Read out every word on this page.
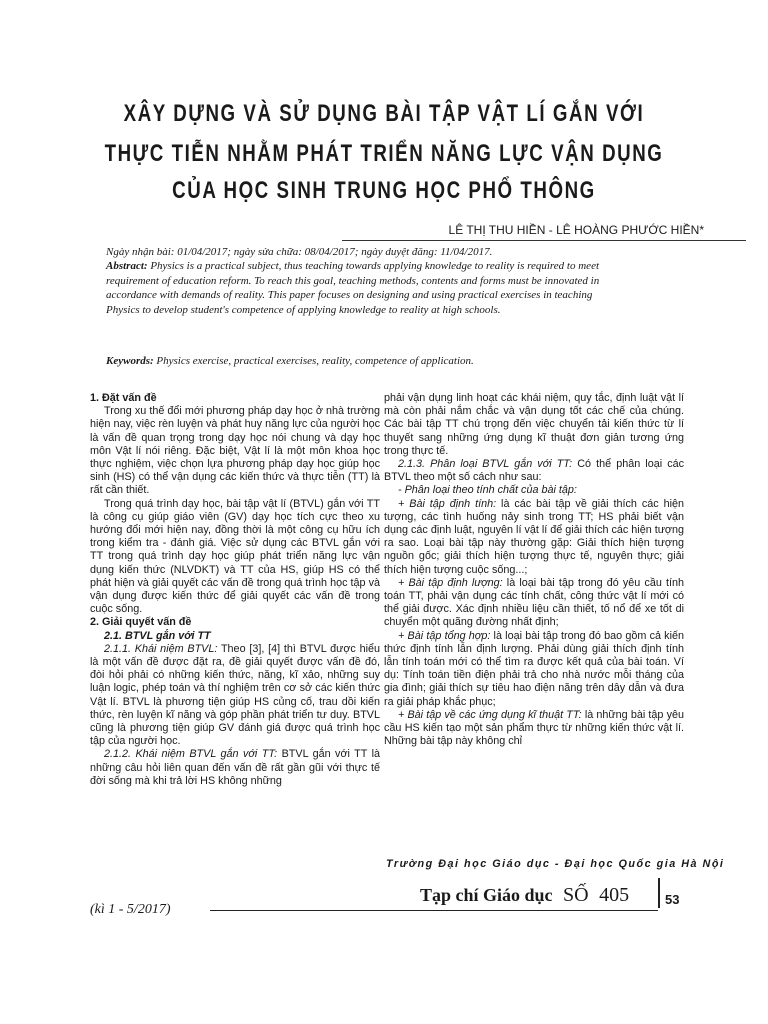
XÂY DỰNG VÀ SỬ DỤNG BÀI TẬP VẬT LÍ GẮN VỚI
THỰC TIỄN NHẰM PHÁT TRIỂN NĂNG LỰC VẬN DỤNG
CỦA HỌC SINH TRUNG HỌC PHỔ THÔNG
LÊ THỊ THU HIỀN - LÊ HOÀNG PHƯỚC HIỀN*
Ngày nhận bài: 01/04/2017; ngày sửa chữa: 08/04/2017; ngày duyệt đăng: 11/04/2017.
Abstract: Physics is a practical subject, thus teaching towards applying knowledge to reality is required to meet requirement of education reform. To reach this goal, teaching methods, contents and forms must be innovated in accordance with demands of reality. This paper focuses on designing and using practical exercises in teaching Physics to develop student's competence of applying knowledge to reality at high schools.
Keywords: Physics exercise, practical exercises, reality, competence of application.
1. Đặt vấn đề

Trong xu thế đổi mới phương pháp dạy học ở nhà trường hiện nay, việc rèn luyện và phát huy năng lực của người học là vấn đề quan trọng trong dạy học nói chung và dạy học môn Vật lí nói riêng. Đặc biệt, Vật lí là một môn khoa học thực nghiệm, việc chọn lựa phương pháp dạy học giúp học sinh (HS) có thể vận dụng các kiến thức và thực tiễn (TT) là rất cần thiết.

Trong quá trình dạy học, bài tập vật lí (BTVL) gắn với TT là công cụ giúp giáo viên (GV) dạy học tích cực theo xu hướng đổi mới hiện nay, đồng thời là một công cụ hữu ích trong kiểm tra - đánh giá. Việc sử dụng các BTVL gắn với TT trong quá trình dạy học giúp phát triển năng lực vận dụng kiến thức (NLVDKT) và TT của HS, giúp HS có thể phát hiện và giải quyết các vấn đề trong quá trình học tập và vận dụng được kiến thức để giải quyết các vấn đề trong cuộc sống.

2. Giải quyết vấn đề
2.1. BTVL gắn với TT

2.1.1. Khái niệm BTVL: Theo [3], [4] thì BTVL được hiểu là một vấn đề được đặt ra, đề giải quyết được vấn đề đó, đòi hỏi phải có những kiến thức, năng, kĩ xảo, những suy luận logic, phép toán và thí nghiệm trên cơ sở các kiến thức Vật lí. BTVL là phương tiện giúp HS củng cố, trau dồi kiến thức, rèn luyện kĩ năng và góp phần phát triển tư duy. BTVL cũng là phương tiện giúp GV đánh giá được quá trình học tập của người học.

2.1.2. Khái niệm BTVL gắn với TT: BTVL gắn với TT là những câu hỏi liên quan đến vấn đề rất gần gũi với thực tế đời sống mà khi trả lời HS không những

phải vận dụng linh hoạt các khái niệm, quy tắc, định luật vật lí mà còn phải nắm chắc và vận dụng tốt các chế của chúng. Các bài tập TT chú trọng đến việc chuyển tải kiến thức từ lí thuyết sang những ứng dụng kĩ thuật đơn giản tương ứng trong thực tế.

2.1.3. Phân loại BTVL gắn với TT: Có thể phân loại các BTVL theo một số cách như sau:

- Phân loại theo tính chất của bài tập:

+ Bài tập định tính: là các bài tập về giải thích các hiện tượng, các tình huống nảy sinh trong TT; HS phải biết vận dụng các định luật, nguyên lí vật lí để giải thích các hiện tượng ra sao. Loại bài tập này thường gặp: Giải thích hiện tượng nguồn gốc; giải thích hiện tượng thực tế, nguyên thực; giải thích hiện tượng cuộc sống...;

+ Bài tập định lượng: là loại bài tập trong đó yêu cầu tính toán TT, phải vận dụng các tính chất, công thức vật lí mới có thể giải được. Xác định nhiều liệu cần thiết, tố nổ để xe tốt di chuyển một quãng đường nhất định;

+ Bài tập tổng hợp: là loại bài tập trong đó bao gồm cả kiến thức định tính lẫn định lượng. Phải dùng giải thích định tính lẫn tính toán mới có thể tìm ra được kết quả của bài toán. Ví dụ: Tính toán tiền điện phải trả cho nhà nước mỗi tháng của gia đình; giải thích sự tiêu hao điện năng trên dây dẫn và đưa ra giải pháp khắc phục;

+ Bài tập về các ứng dụng kĩ thuật TT: là những bài tập yêu cầu HS kiến tạo một sản phẩm thực từ những kiến thức vật lí. Những bài tập này không chỉ

Trường Đại học Giáo dục - Đại học Quốc gia Hà Nội
Tạp chí Giáo dục SỐ 405	53
(kì 1 - 5/2017)
